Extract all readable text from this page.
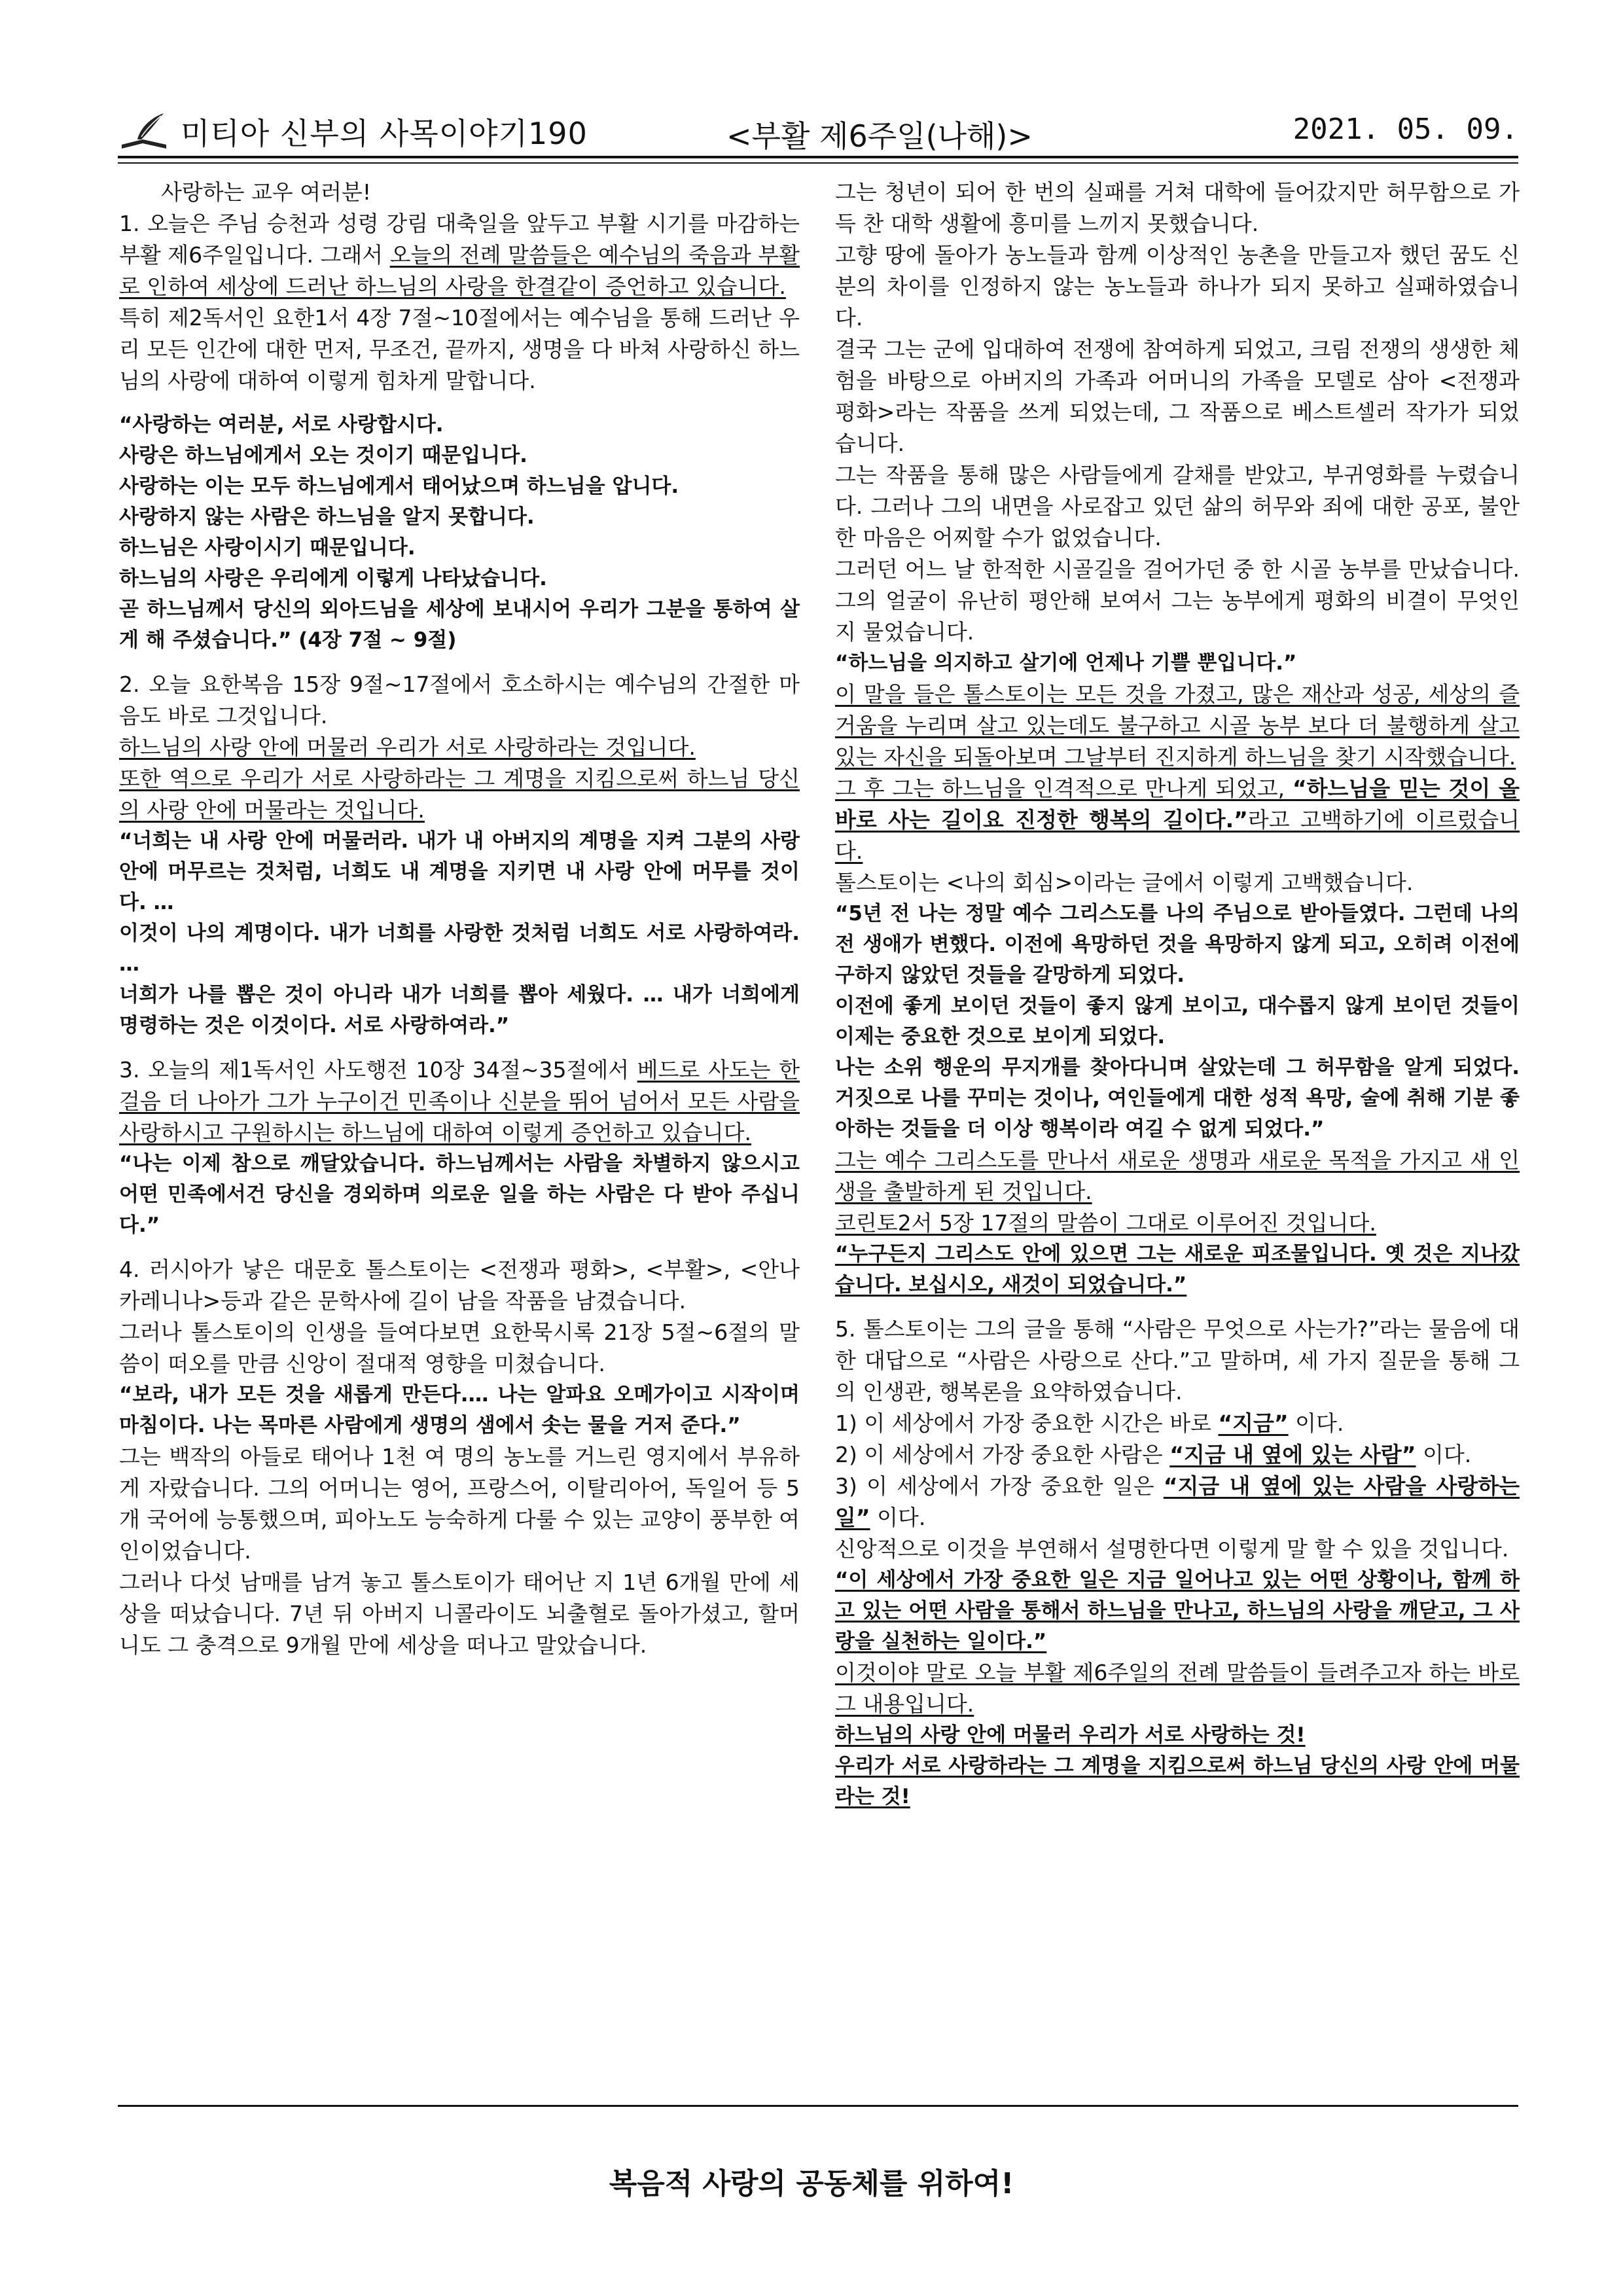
미티아 신부의 사목이야기190	<부활 제6주일(나해)>	2021. 05. 09.

사랑하는 교우 여러분!

1. 오늘은 주님 승천과 성령 강림 대축일을 앞두고 부활 시기를 마감하는 부활 제6주일입니다. 그래서 오늘의 전례 말씀들은 예수님의 죽음과 부활로 인하여 세상에 드러난 하느님의 사랑을 한결같이 증언하고 있습니다.

특히 제2독서인 요한1서 4장 7절~10절에서는 예수님을 통해 드러난 우리 모든 인간에 대한 먼저, 무조건, 끝까지, 생명을 다 바쳐 사랑하신 하느님의 사랑에 대하여 이렇게 힘차게 말합니다.

“사랑하는 여러분, 서로 사랑합시다.

사랑은 하느님에게서 오는 것이기 때문입니다.

사랑하는 이는 모두 하느님에게서 태어났으며 하느님을 압니다.

사랑하지 않는 사람은 하느님을 알지 못합니다.

하느님은 사랑이시기 때문입니다.

하느님의 사랑은 우리에게 이렇게 나타났습니다.

곧 하느님께서 당신의 외아드님을 세상에 보내시어 우리가 그분을 통하여 살게 해 주셨습니다.” (4장 7절 ~ 9절)

2. 오늘 요한복음 15장 9절~17절에서 호소하시는 예수님의 간절한 마음도 바로 그것입니다.

하느님의 사랑 안에 머물러 우리가 서로 사랑하라는 것입니다.

또한 역으로 우리가 서로 사랑하라는 그 계명을 지킴으로써 하느님 당신의 사랑 안에 머물라는 것입니다.

“너희는 내 사랑 안에 머물러라. 내가 내 아버지의 계명을 지켜 그분의 사랑 안에 머무르는 것처럼, 너희도 내 계명을 지키면 내 사랑 안에 머무를 것이다. …

이것이 나의 계명이다. 내가 너희를 사랑한 것처럼 너희도 서로 사랑하여라. …

너희가 나를 뽑은 것이 아니라 내가 너희를 뽑아 세웠다. … 내가 너희에게 명령하는 것은 이것이다. 서로 사랑하여라.”

3. 오늘의 제1독서인 사도행전 10장 34절~35절에서 베드로 사도는 한걸음 더 나아가 그가 누구이건 민족이나 신분을 뛰어 넘어서 모든 사람을 사랑하시고 구원하시는 하느님에 대하여 이렇게 증언하고 있습니다.

“나는 이제 참으로 깨달았습니다. 하느님께서는 사람을 차별하지 않으시고 어떤 민족에서건 당신을 경외하며 의로운 일을 하는 사람은 다 받아 주십니다.”

4. 러시아가 낳은 대문호 톨스토이는 <전쟁과 평화>, <부활>, <안나 카레니나>등과 같은 문학사에 길이 남을 작품을 남겼습니다.

그러나 톨스토이의 인생을 들여다보면 요한묵시록 21장 5절~6절의 말씀이 떠오를 만큼 신앙이 절대적 영향을 미쳤습니다.

“보라, 내가 모든 것을 새롭게 만든다.… 나는 알파요 오메가이고 시작이며 마침이다. 나는 목마른 사람에게 생명의 샘에서 솟는 물을 거저 준다.”

그는 백작의 아들로 태어나 1천 여 명의 농노를 거느린 영지에서 부유하게 자랐습니다. 그의 어머니는 영어, 프랑스어, 이탈리아어, 독일어 등 5개 국어에 능통했으며, 피아노도 능숙하게 다룰 수 있는 교양이 풍부한 여인이었습니다.

그러나 다섯 남매를 남겨 놓고 톨스토이가 태어난 지 1년 6개월 만에 세상을 떠났습니다. 7년 뒤 아버지 니콜라이도 뇌출혈로 돌아가셨고, 할머니도 그 충격으로 9개월 만에 세상을 떠나고 말았습니다.

그는 청년이 되어 한 번의 실패를 거쳐 대학에 들어갔지만 허무함으로 가득 찬 대학 생활에 흥미를 느끼지 못했습니다.

고향 땅에 돌아가 농노들과 함께 이상적인 농촌을 만들고자 했던 꿈도 신분의 차이를 인정하지 않는 농노들과 하나가 되지 못하고 실패하였습니다.

결국 그는 군에 입대하여 전쟁에 참여하게 되었고, 크림 전쟁의 생생한 체험을 바탕으로 아버지의 가족과 어머니의 가족을 모델로 삼아 <전쟁과 평화>라는 작품을 쓰게 되었는데, 그 작품으로 베스트셀러 작가가 되었습니다.

그는 작품을 통해 많은 사람들에게 갈채를 받았고, 부귀영화를 누렸습니다. 그러나 그의 내면을 사로잡고 있던 삶의 허무와 죄에 대한 공포, 불안한 마음은 어찌할 수가 없었습니다.

그러던 어느 날 한적한 시골길을 걸어가던 중 한 시골 농부를 만났습니다. 그의 얼굴이 유난히 평안해 보여서 그는 농부에게 평화의 비결이 무엇인지 물었습니다.

“하느님을 의지하고 살기에 언제나 기쁠 뿐입니다.”

이 말을 들은 톨스토이는 모든 것을 가졌고, 많은 재산과 성공, 세상의 즐거움을 누리며 살고 있는데도 불구하고 시골 농부 보다 더 불행하게 살고 있는 자신을 되돌아보며 그날부터 진지하게 하느님을 찾기 시작했습니다.

그 후 그는 하느님을 인격적으로 만나게 되었고, “하느님을 믿는 것이 올바로 사는 길이요 진정한 행복의 길이다.”라고 고백하기에 이르렀습니다.

톨스토이는 <나의 회심>이라는 글에서 이렇게 고백했습니다.

“5년 전 나는 정말 예수 그리스도를 나의 주님으로 받아들였다. 그런데 나의 전 생애가 변했다. 이전에 욕망하던 것을 욕망하지 않게 되고, 오히려 이전에 구하지 않았던 것들을 갈망하게 되었다.

이전에 좋게 보이던 것들이 좋지 않게 보이고, 대수롭지 않게 보이던 것들이 이제는 중요한 것으로 보이게 되었다.

나는 소위 행운의 무지개를 찾아다니며 살았는데 그 허무함을 알게 되었다. 거짓으로 나를 꾸미는 것이나, 여인들에게 대한 성적 욕망, 술에 취해 기분 좋아하는 것들을 더 이상 행복이라 여길 수 없게 되었다.”

그는 예수 그리스도를 만나서 새로운 생명과 새로운 목적을 가지고 새 인생을 출발하게 된 것입니다.

코린토2서 5장 17절의 말씀이 그대로 이루어진 것입니다.

“누구든지 그리스도 안에 있으면 그는 새로운 피조물입니다. 옛 것은 지나갔습니다. 보십시오, 새것이 되었습니다.”

5. 톨스토이는 그의 글을 통해 “사람은 무엇으로 사는가?”라는 물음에 대한 대답으로 “사람은 사랑으로 산다.”고 말하며, 세 가지 질문을 통해 그의 인생관, 행복론을 요약하였습니다.

1) 이 세상에서 가장 중요한 시간은 바로 “지금” 이다.

2) 이 세상에서 가장 중요한 사람은 “지금 내 옆에 있는 사람” 이다.

3) 이 세상에서 가장 중요한 일은 “지금 내 옆에 있는 사람을 사랑하는 일” 이다.

신앙적으로 이것을 부연해서 설명한다면 이렇게 말 할 수 있을 것입니다.

“이 세상에서 가장 중요한 일은 지금 일어나고 있는 어떤 상황이나, 함께 하고 있는 어떤 사람을 통해서 하느님을 만나고, 하느님의 사랑을 깨닫고, 그 사랑을 실천하는 일이다.”

이것이야 말로 오늘 부활 제6주일의 전례 말씀들이 들려주고자 하는 바로 그 내용입니다.

하느님의 사랑 안에 머물러 우리가 서로 사랑하는 것!

우리가 서로 사랑하라는 그 계명을 지킴으로써 하느님 당신의 사랑 안에 머물라는 것!

복음적 사랑의 공동체를 위하여!
